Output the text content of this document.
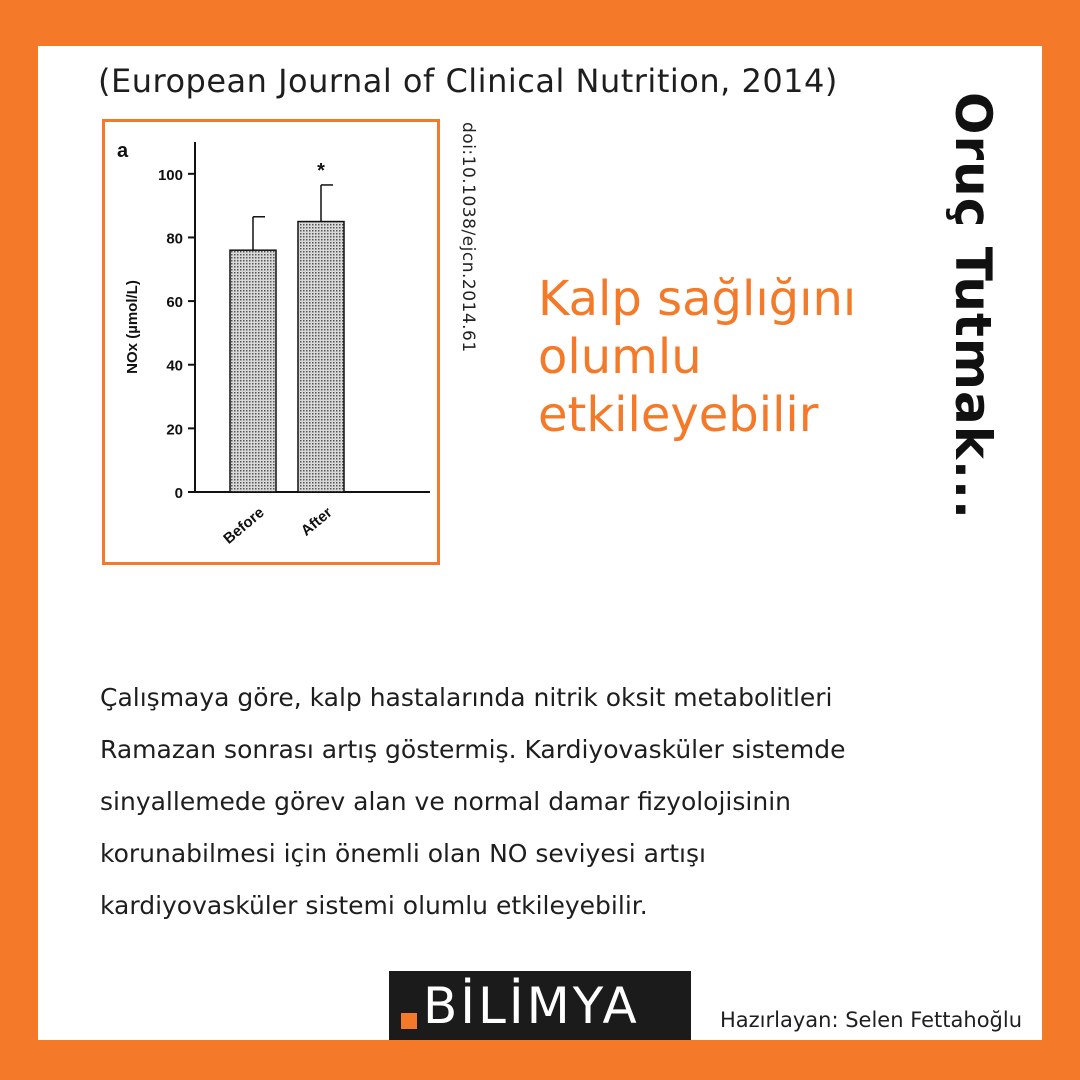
(European Journal of Clinical Nutrition, 2014)
a
0
20
40
60
80
100
NOx (µmol/L)
Before
*
After
doi:10.1038/ejcn.2014.61 Kalp sağlığını
olumlu
etkileyebilir	Oruç Tutmak...
Çalışmaya göre, kalp hastalarında nitrik oksit metabolitleri
Ramazan sonrası artış göstermiş. Kardiyovasküler sistemde
sinyallemede görev alan ve normal damar fizyolojisinin
korunabilmesi için önemli olan NO seviyesi artışı
kardiyovasküler sistemi olumlu etkileyebilir.
BİLİMYA	Hazırlayan: Selen Fettahoğlu
